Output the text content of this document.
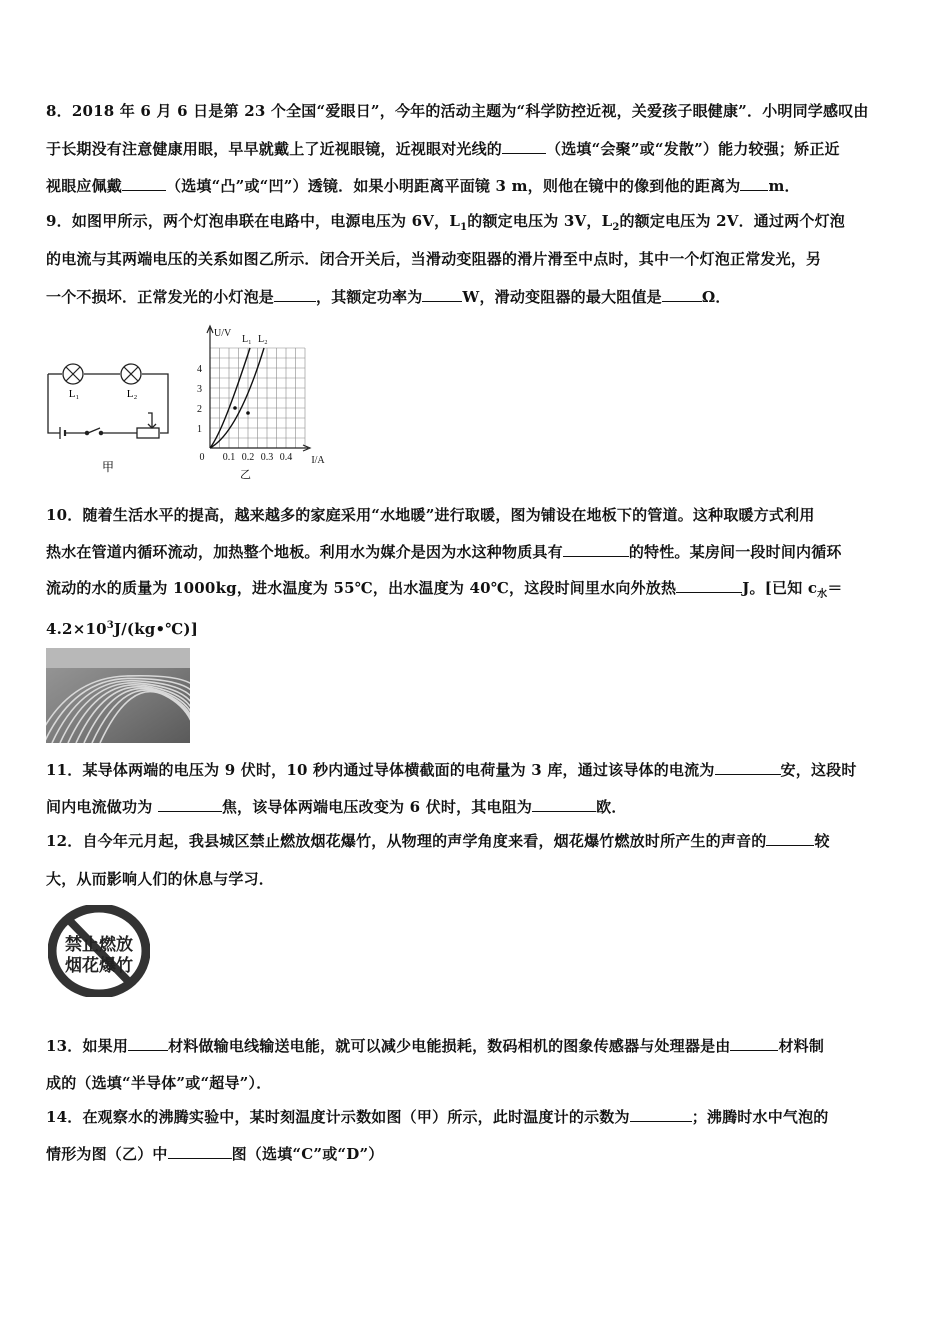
8．2018 年 6 月 6 日是第 23 个全国“爱眼日”，今年的活动主题为“科学防控近视，关爱孩子眼健康”．小明同学感叹由
于长期没有注意健康用眼，早早就戴上了近视眼镜，近视眼对光线的	（选填“会聚”或“发散”）能力较强；矫正近
视眼应佩戴	（选填“凸”或“凹”）透镜．如果小明距离平面镜 3 m，则他在镜中的像到他的距离为 m．
9．如图甲所示，两个灯泡串联在电路中，电源电压为 6V，$L_1$的额定电压为 3V，$L_2$的额定电压为 2V．通过两个灯泡
的电流与其两端电压的关系如图乙所示．闭合开关后，当滑动变阻器的滑片滑至中点时，其中一个灯泡正常发光，另
一个不损坏．正常发光的小灯泡是	，其额定功率为	W，滑动变阻器的最大阻值是	Ω．
L₁	L₂
甲
U/V
L₁ L₂
1
2
3
4
0 0.1 0.2 0.3 0.4 I/A
乙
10．随着生活水平的提高，越来越多的家庭采用“水地暖”进行取暖，图为铺设在地板下的管道。这种取暖方式利用
热水在管道内循环流动，加热整个地板。利用水为媒介是因为水这种物质具有	的特性。某房间一段时间内循环
流动的水的质量为 1000kg，进水温度为 55℃，出水温度为 40℃，这段时间里水向外放热	J。[已知 $c_水=$
$4.2\times 10^3J/(kg•℃)$]
11．某导体两端的电压为 9 伏时，10 秒内通过导体横截面的电荷量为 3 库，通过该导体的电流为	安，这段时
间内电流做功为	焦，该导体两端电压改变为 6 伏时，其电阻为	欧．
12．自今年元月起，我县城区禁止燃放烟花爆竹，从物理的声学角度来看，烟花爆竹燃放时所产生的声音的	较
大，从而影响人们的休息与学习．
禁止燃放
烟花爆竹
13．如果用	材料做输电线输送电能，就可以减少电能损耗，数码相机的图象传感器与处理器是由	材料制
成的（选填“半导体”或“超导”）．
14．在观察水的沸腾实验中，某时刻温度计示数如图（甲）所示，此时温度计的示数为	；沸腾时水中气泡的
情形为图（乙）中	图（选填“C”或“D”）
